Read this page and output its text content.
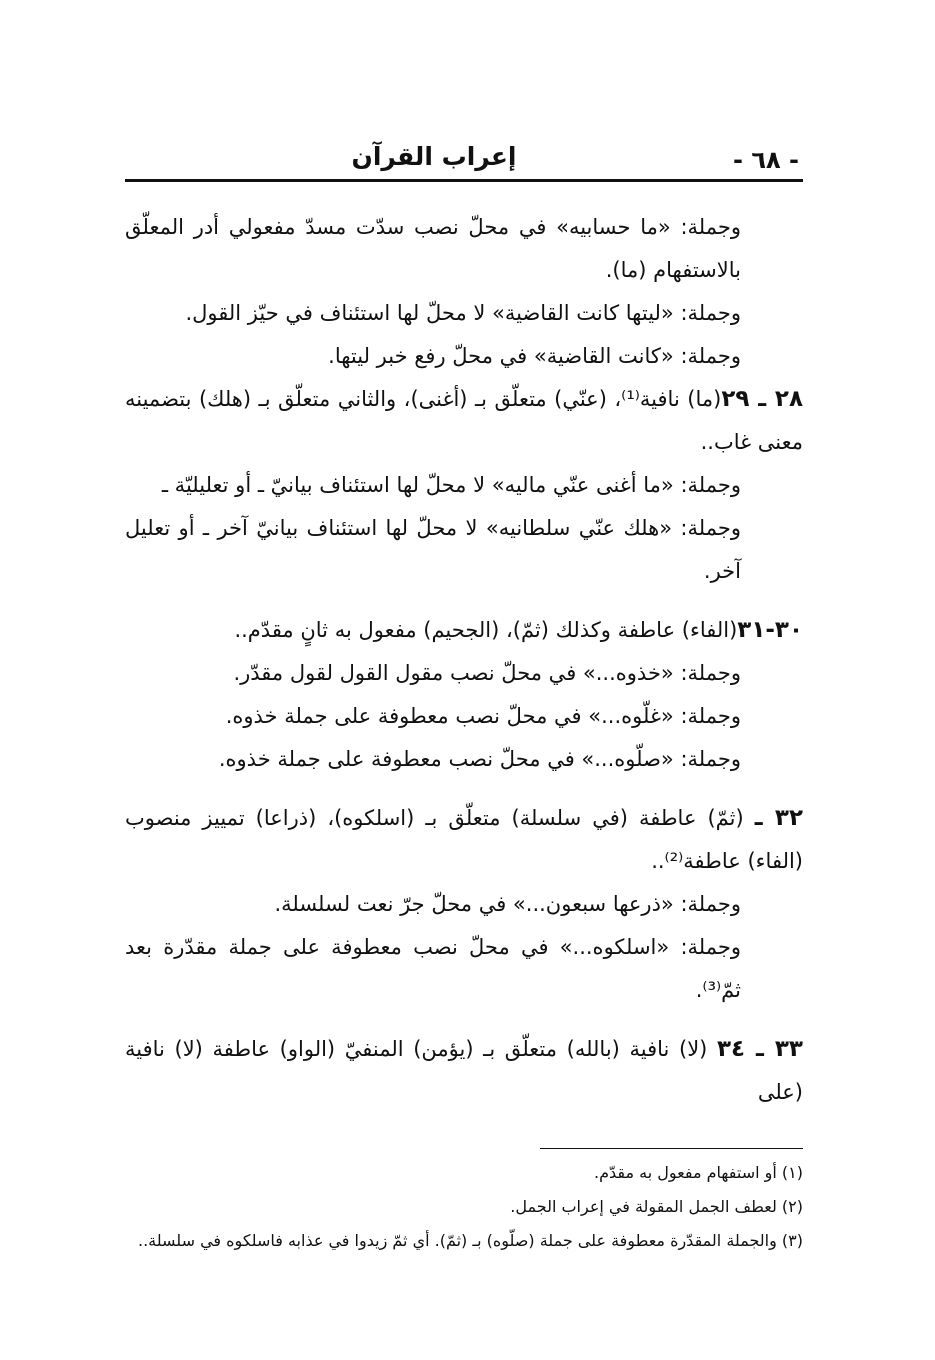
- ٦٨ -
إعراب القرآن

وجملة: «ما حسابيه» في محلّ نصب سدّت مسدّ مفعولي أدر المعلّق بالاستفهام (ما).

وجملة: «ليتها كانت القاضية» لا محلّ لها استئناف في حيّز القول.

وجملة: «كانت القاضية» في محلّ رفع خبر ليتها.

٢٨ ـ ٢٩(ما) نافية⁽¹⁾، (عنّي) متعلّق بـ (أغنى)، والثاني متعلّق بـ (هلك) بتضمينه معنى غاب..

وجملة: «ما أغنى عنّي ماليه» لا محلّ لها استئناف بيانيّ ـ أو تعليليّة ـ

وجملة: «هلك عنّي سلطانيه» لا محلّ لها استئناف بيانيّ آخر ـ أو تعليل آخر.

٣٠-٣١(الفاء) عاطفة وكذلك (ثمّ)، (الجحيم) مفعول به ثانٍ مقدّم..

وجملة: «خذوه...» في محلّ نصب مقول القول لقول مقدّر.

وجملة: «غلّوه...» في محلّ نصب معطوفة على جملة خذوه.

وجملة: «صلّوه...» في محلّ نصب معطوفة على جملة خذوه.

٣٢ ـ (ثمّ) عاطفة (في سلسلة) متعلّق بـ (اسلكوه)، (ذراعا) تمييز منصوب (الفاء) عاطفة⁽²⁾..

وجملة: «ذرعها سبعون...» في محلّ جرّ نعت لسلسلة.

وجملة: «اسلكوه...» في محلّ نصب معطوفة على جملة مقدّرة بعد ثمّ⁽³⁾.

٣٣ ـ ٣٤ (لا) نافية (بالله) متعلّق بـ (يؤمن) المنفيّ (الواو) عاطفة (لا) نافية (على

(١) أو استفهام مفعول به مقدّم.

(٢) لعطف الجمل المقولة في إعراب الجمل.

(٣) والجملة المقدّرة معطوفة على جملة (صلّوه) بـ (ثمّ). أي ثمّ زيدوا في عذابه فاسلكوه في سلسلة..
